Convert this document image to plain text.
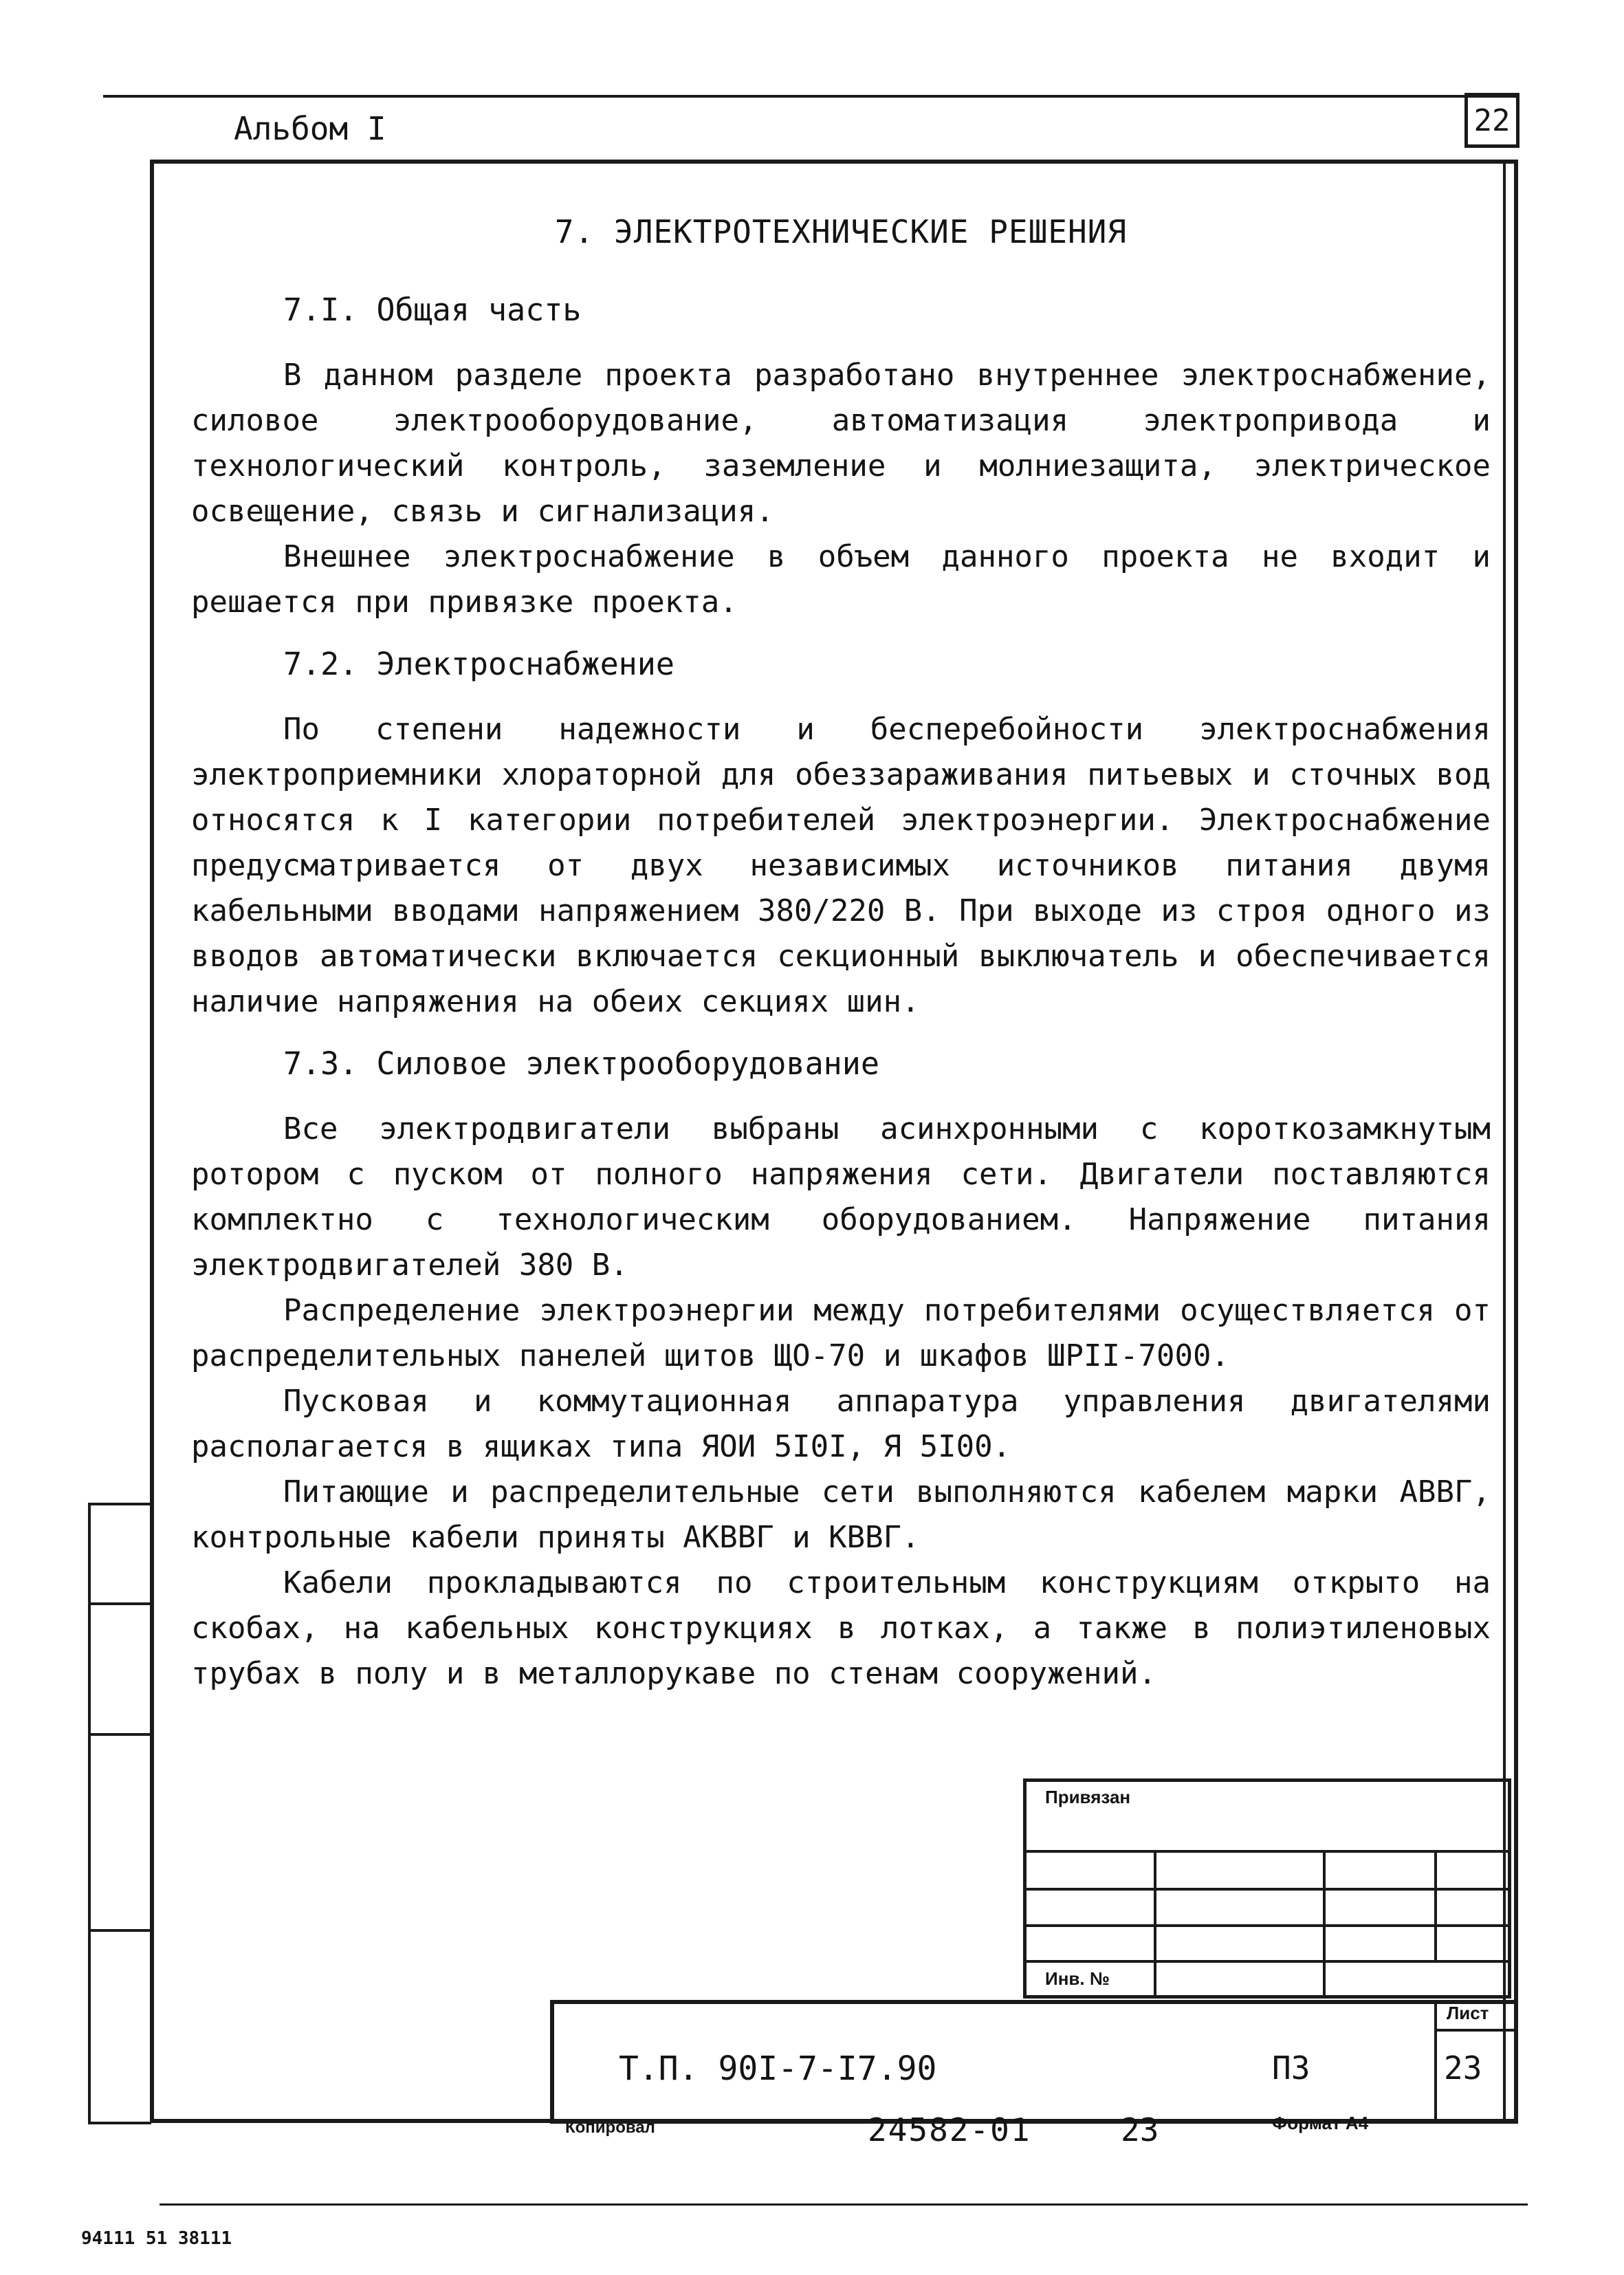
Альбом I	22
7. ЭЛЕКТРОТЕХНИЧЕСКИЕ РЕШЕНИЯ
7.I. Общая часть

В данном разделе проекта разработано внутреннее электроснабжение, силовое электрооборудование, автоматизация электропривода и технологический контроль, заземление и молниезащита, электрическое освещение, связь и сигнализация.

Внешнее электроснабжение в объем данного проекта не входит и решается при привязке проекта.

7.2. Электроснабжение

По степени надежности и бесперебойности электроснабжения электроприемники хлораторной для обеззараживания питьевых и сточных вод относятся к I категории потребителей электроэнергии. Электроснабжение предусматривается от двух независимых источников питания двумя кабельными вводами напряжением 380/220 В. При выходе из строя одного из вводов автоматически включается секционный выключатель и обеспечивается наличие напряжения на обеих секциях шин.

7.3. Силовое электрооборудование

Все электродвигатели выбраны асинхронными с короткозамкнутым ротором с пуском от полного напряжения сети. Двигатели поставляются комплектно с технологическим оборудованием. Напряжение питания электродвигателей 380 В.

Распределение электроэнергии между потребителями осуществляется от распределительных панелей щитов ЩО-70 и шкафов ШРII-7000.

Пусковая и коммутационная аппаратура управления двигателями располагается в ящиках типа ЯОИ 5I0I, Я 5I00.

Питающие и распределительные сети выполняются кабелем марки АВВГ, контрольные кабели приняты АКВВГ и КВВГ.

Кабели прокладываются по строительным конструкциям открыто на скобах, на кабельных конструкциях в лотках, а также в полиэтиленовых трубах в полу и в металлорукаве по стенам сооружений.

Привязан
Инв. №
Т.П. 90I-7-I7.90	ПЗ
Лист
23
Копировал	24582-01	23	Формат А4
94111 51 38111
